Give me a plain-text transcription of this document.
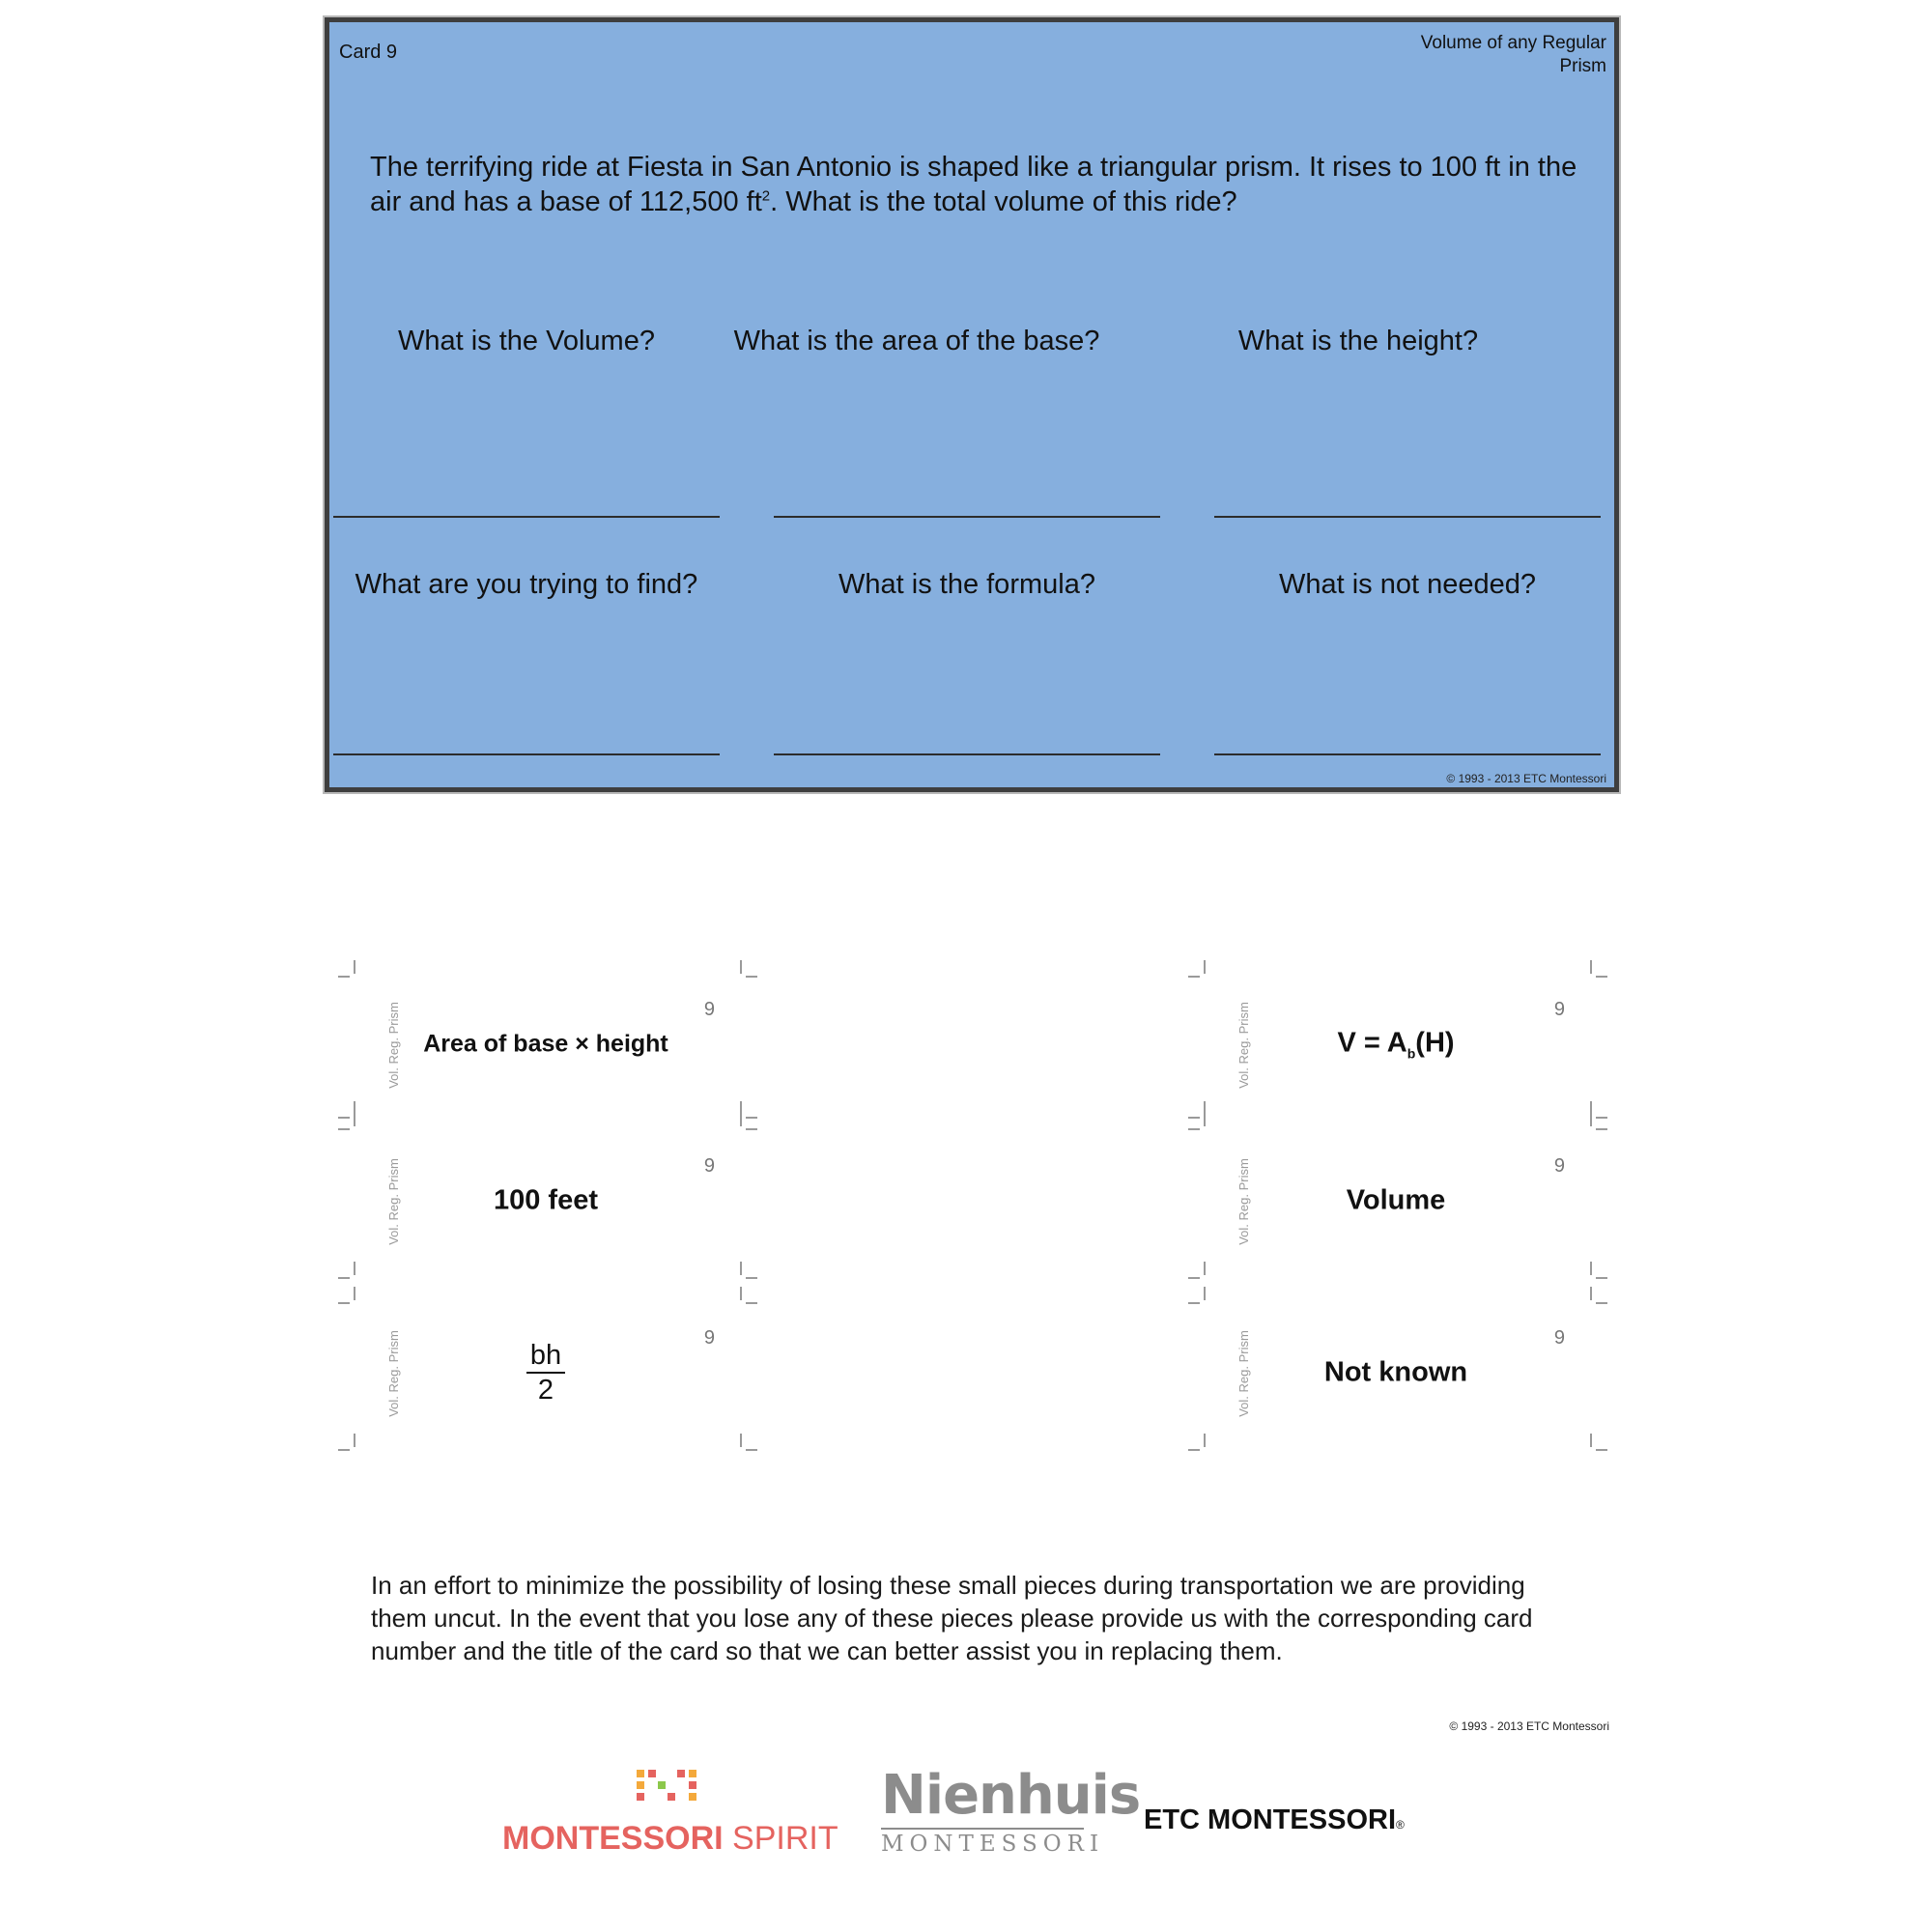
Card 9	Volume of any Regular
Prism
The terrifying ride at Fiesta in San Antonio is shaped like a triangular prism. It rises to 100 ft in the air and has a base of 112,500 $ft^2$. What is the total volume of this ride?
What is the Volume?	What is the area of the base?	What is the height?
What are you trying to find?	What is the formula?	What is not needed?
© 1993 - 2013 ETC Montessori
Vol. Reg. Prism	9
Area of base × height
Vol. Reg. Prism	9
100 feet
Vol. Reg. Prism	9
$\frac{bh}{2}$
Vol. Reg. Prism	9
$V = A_b(H)$
Vol. Reg. Prism	9
Volume
Vol. Reg. Prism	9
Not known
In an effort to minimize the possibility of losing these small pieces during transportation we are providing them uncut. In the event that you lose any of these pieces please provide us with the corresponding card number and the title of the card so that we can better assist you in replacing them.
© 1993 - 2013 ETC Montessori
MONTESSORI SPIRIT
Nienhuis
MONTESSORI
ETC MONTESSORI®
